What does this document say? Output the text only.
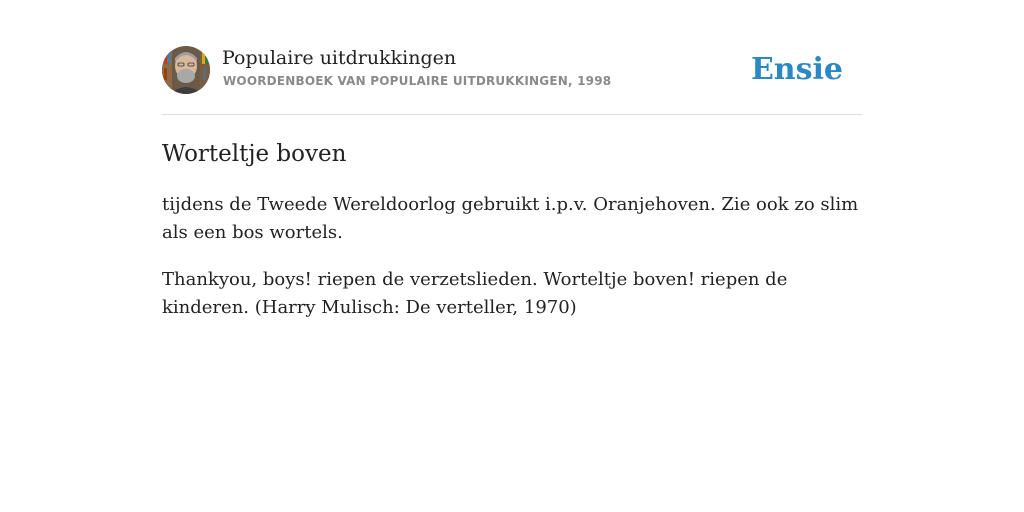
Populaire uitdrukkingen
WOORDENBOEK VAN POPULAIRE UITDRUKKINGEN, 1998	Ensie
Worteltje boven

tijdens de Tweede Wereldoorlog gebruikt i.p.v. Oranjehoven. Zie ook zo slim als een bos wortels.

Thankyou, boys! riepen de verzetslieden. Worteltje boven! riepen de kinderen. (Harry Mulisch: De verteller, 1970)
